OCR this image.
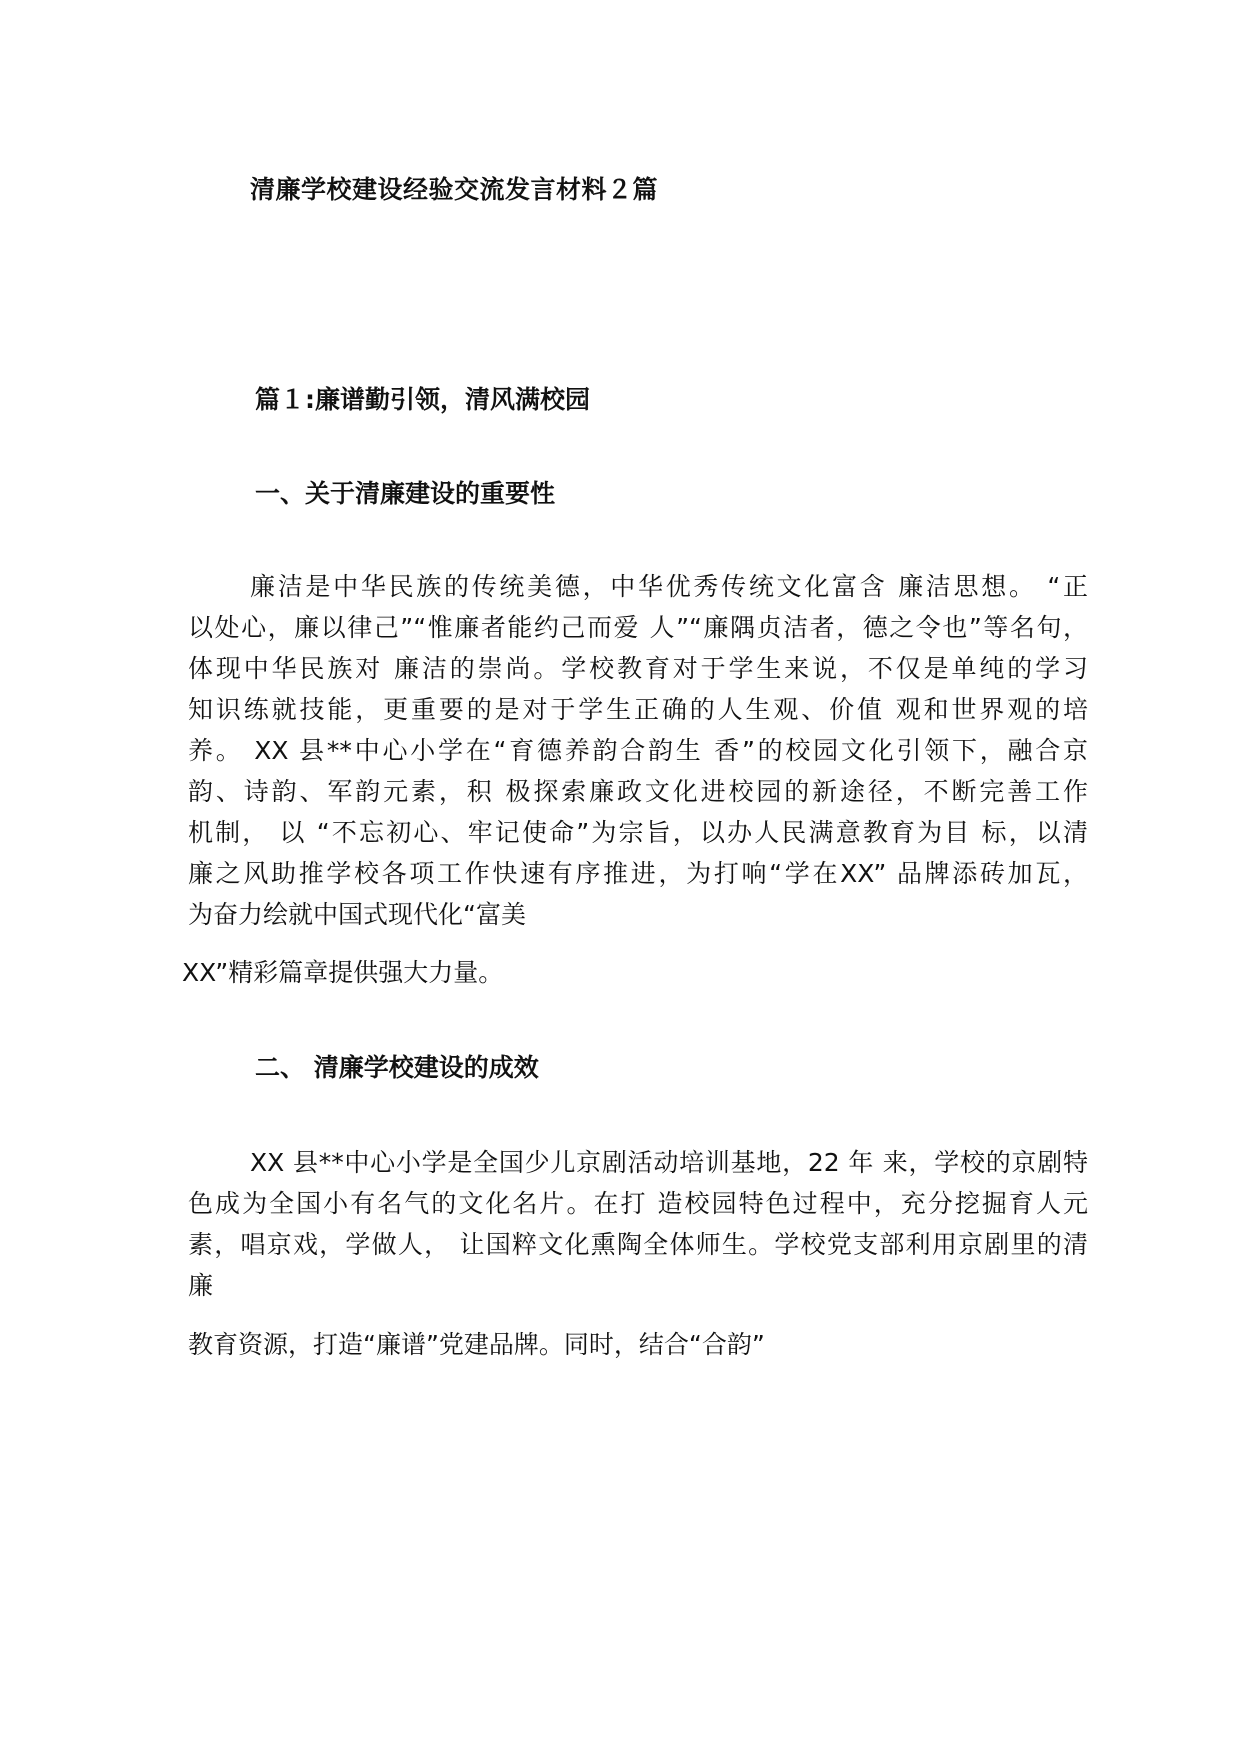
清廉学校建设经验交流发言材料２篇
篇１:廉谱勤引领，清风满校园
一、关于清廉建设的重要性
廉洁是中华民族的传统美德，中华优秀传统文化富含 廉洁思想。 “正
以处心，廉以律己”“惟廉者能约己而爱 人”“廉隅贞洁者，德之令也”等名句，
体现中华民族对 廉洁的崇尚。学校教育对于学生来说，不仅是单纯的学习
知识练就技能，更重要的是对于学生正确的人生观、价值 观和世界观的培
养。 XX 县**中心小学在“育德养韵合韵生 香”的校园文化引领下，融合京
韵、诗韵、军韵元素，积 极探索廉政文化进校园的新途径，不断完善工作
机制， 以 “不忘初心、牢记使命”为宗旨，以办人民满意教育为目 标，以清
廉之风助推学校各项工作快速有序推进，为打响“学在XX” 品牌添砖加瓦，
为奋力绘就中国式现代化“富美
XX”精彩篇章提供强大力量。
二、 清廉学校建设的成效
XX 县**中心小学是全国少儿京剧活动培训基地，22 年 来，学校的京剧特
色成为全国小有名气的文化名片。在打 造校园特色过程中，充分挖掘育人元
素，唱京戏，学做人， 让国粹文化熏陶全体师生。学校党支部利用京剧里的清
廉
教育资源，打造“廉谱”党建品牌。同时，结合“合韵”
